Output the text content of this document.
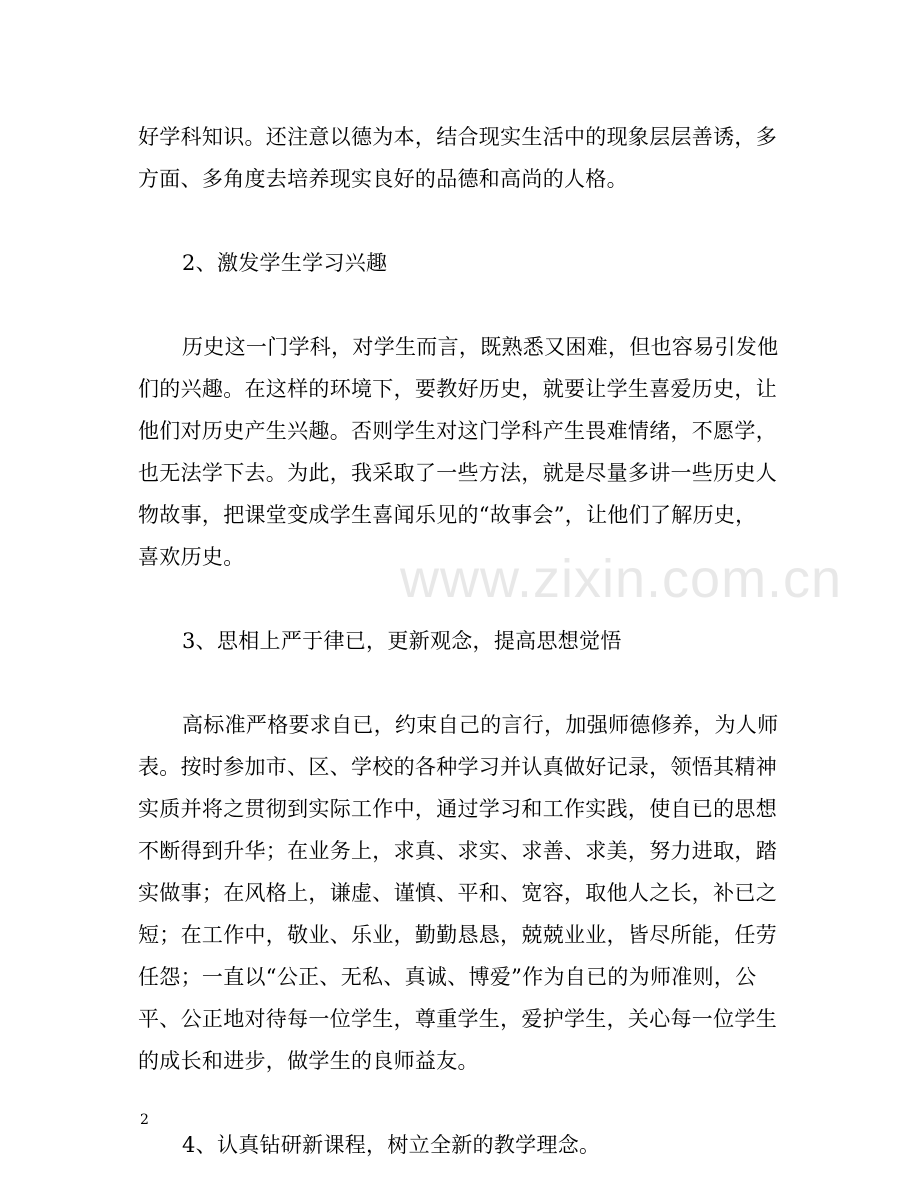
好学科知识。还注意以德为本，结合现实生活中的现象层层善诱，多
方面、多角度去培养现实良好的品德和高尚的人格。
2、激发学生学习兴趣
历史这一门学科，对学生而言，既熟悉又困难，但也容易引发他
们的兴趣。在这样的环境下，要教好历史，就要让学生喜爱历史，让
他们对历史产生兴趣。否则学生对这门学科产生畏难情绪，不愿学，
也无法学下去。为此，我采取了一些方法，就是尽量多讲一些历史人
物故事，把课堂变成学生喜闻乐见的“故事会”，让他们了解历史，
喜欢历史。
3、思相上严于律已，更新观念，提高思想觉悟
高标准严格要求自已，约束自己的言行，加强师德修养，为人师
表。按时参加市、区、学校的各种学习并认真做好记录，领悟其精神
实质并将之贯彻到实际工作中，通过学习和工作实践，使自已的思想
不断得到升华；在业务上，求真、求实、求善、求美，努力进取，踏
实做事；在风格上，谦虚、谨慎、平和、宽容，取他人之长，补已之
短；在工作中，敬业、乐业，勤勤恳恳，兢兢业业，皆尽所能，任劳
任怨；一直以“公正、无私、真诚、博爱”作为自已的为师准则，公
平、公正地对待每一位学生，尊重学生，爱护学生，关心每一位学生
的成长和进步，做学生的良师益友。
4、认真钻研新课程，树立全新的教学理念。
www.zixin.com.cn
2
